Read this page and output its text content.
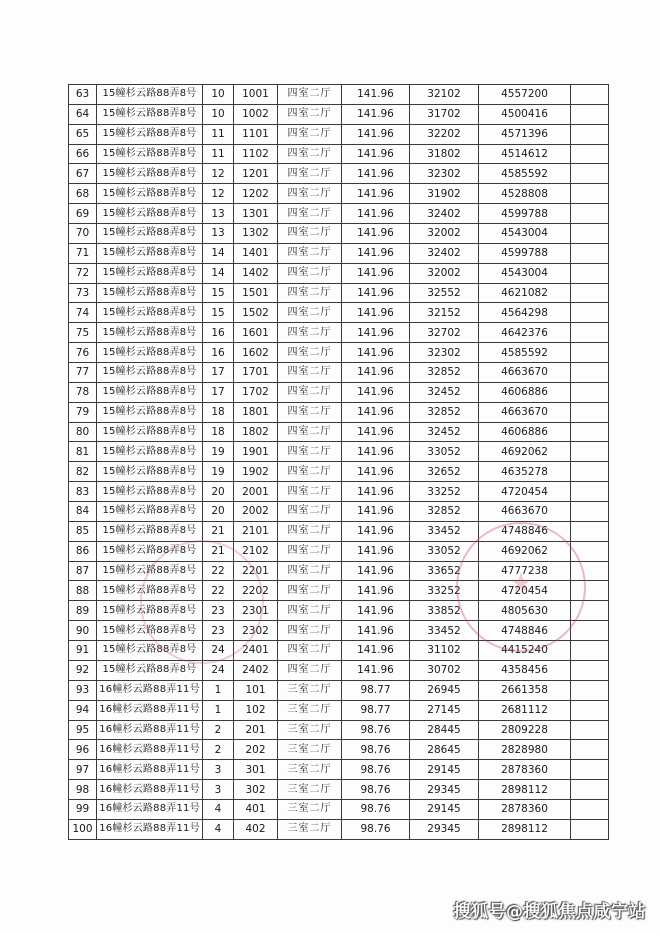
63	15幢杉云路88弄8号	10	1001	四室二厅	141.96	32102	4557200	
64	15幢杉云路88弄8号	10	1002	四室二厅	141.96	31702	4500416	
65	15幢杉云路88弄8号	11	1101	四室二厅	141.96	32202	4571396	
66	15幢杉云路88弄8号	11	1102	四室二厅	141.96	31802	4514612	
67	15幢杉云路88弄8号	12	1201	四室二厅	141.96	32302	4585592	
68	15幢杉云路88弄8号	12	1202	四室二厅	141.96	31902	4528808	
69	15幢杉云路88弄8号	13	1301	四室二厅	141.96	32402	4599788	
70	15幢杉云路88弄8号	13	1302	四室二厅	141.96	32002	4543004	
71	15幢杉云路88弄8号	14	1401	四室二厅	141.96	32402	4599788	
72	15幢杉云路88弄8号	14	1402	四室二厅	141.96	32002	4543004	
73	15幢杉云路88弄8号	15	1501	四室二厅	141.96	32552	4621082	
74	15幢杉云路88弄8号	15	1502	四室二厅	141.96	32152	4564298	
75	15幢杉云路88弄8号	16	1601	四室二厅	141.96	32702	4642376	
76	15幢杉云路88弄8号	16	1602	四室二厅	141.96	32302	4585592	
77	15幢杉云路88弄8号	17	1701	四室二厅	141.96	32852	4663670	
78	15幢杉云路88弄8号	17	1702	四室二厅	141.96	32452	4606886	
79	15幢杉云路88弄8号	18	1801	四室二厅	141.96	32852	4663670	
80	15幢杉云路88弄8号	18	1802	四室二厅	141.96	32452	4606886	
81	15幢杉云路88弄8号	19	1901	四室二厅	141.96	33052	4692062	
82	15幢杉云路88弄8号	19	1902	四室二厅	141.96	32652	4635278	
83	15幢杉云路88弄8号	20	2001	四室二厅	141.96	33252	4720454	
84	15幢杉云路88弄8号	20	2002	四室二厅	141.96	32852	4663670	
85	15幢杉云路88弄8号	21	2101	四室二厅	141.96	33452	4748846	
86	15幢杉云路88弄8号	21	2102	四室二厅	141.96	33052	4692062	
87	15幢杉云路88弄8号	22	2201	四室二厅	141.96	33652	4777238	
88	15幢杉云路88弄8号	22	2202	四室二厅	141.96	33252	4720454	
89	15幢杉云路88弄8号	23	2301	四室二厅	141.96	33852	4805630	
90	15幢杉云路88弄8号	23	2302	四室二厅	141.96	33452	4748846	
91	15幢杉云路88弄8号	24	2401	四室二厅	141.96	31102	4415240	
92	15幢杉云路88弄8号	24	2402	四室二厅	141.96	30702	4358456	
93	16幢杉云路88弄11号	1	101	三室二厅	98.77	26945	2661358	
94	16幢杉云路88弄11号	1	102	三室二厅	98.77	27145	2681112	
95	16幢杉云路88弄11号	2	201	三室二厅	98.76	28445	2809228	
96	16幢杉云路88弄11号	2	202	三室二厅	98.76	28645	2828980	
97	16幢杉云路88弄11号	3	301	三室二厅	98.76	29145	2878360	
98	16幢杉云路88弄11号	3	302	三室二厅	98.76	29345	2898112	
99	16幢杉云路88弄11号	4	401	三室二厅	98.76	29145	2878360	
100	16幢杉云路88弄11号	4	402	三室二厅	98.76	29345	2898112	
搜狐号@搜狐焦点咸宁站
